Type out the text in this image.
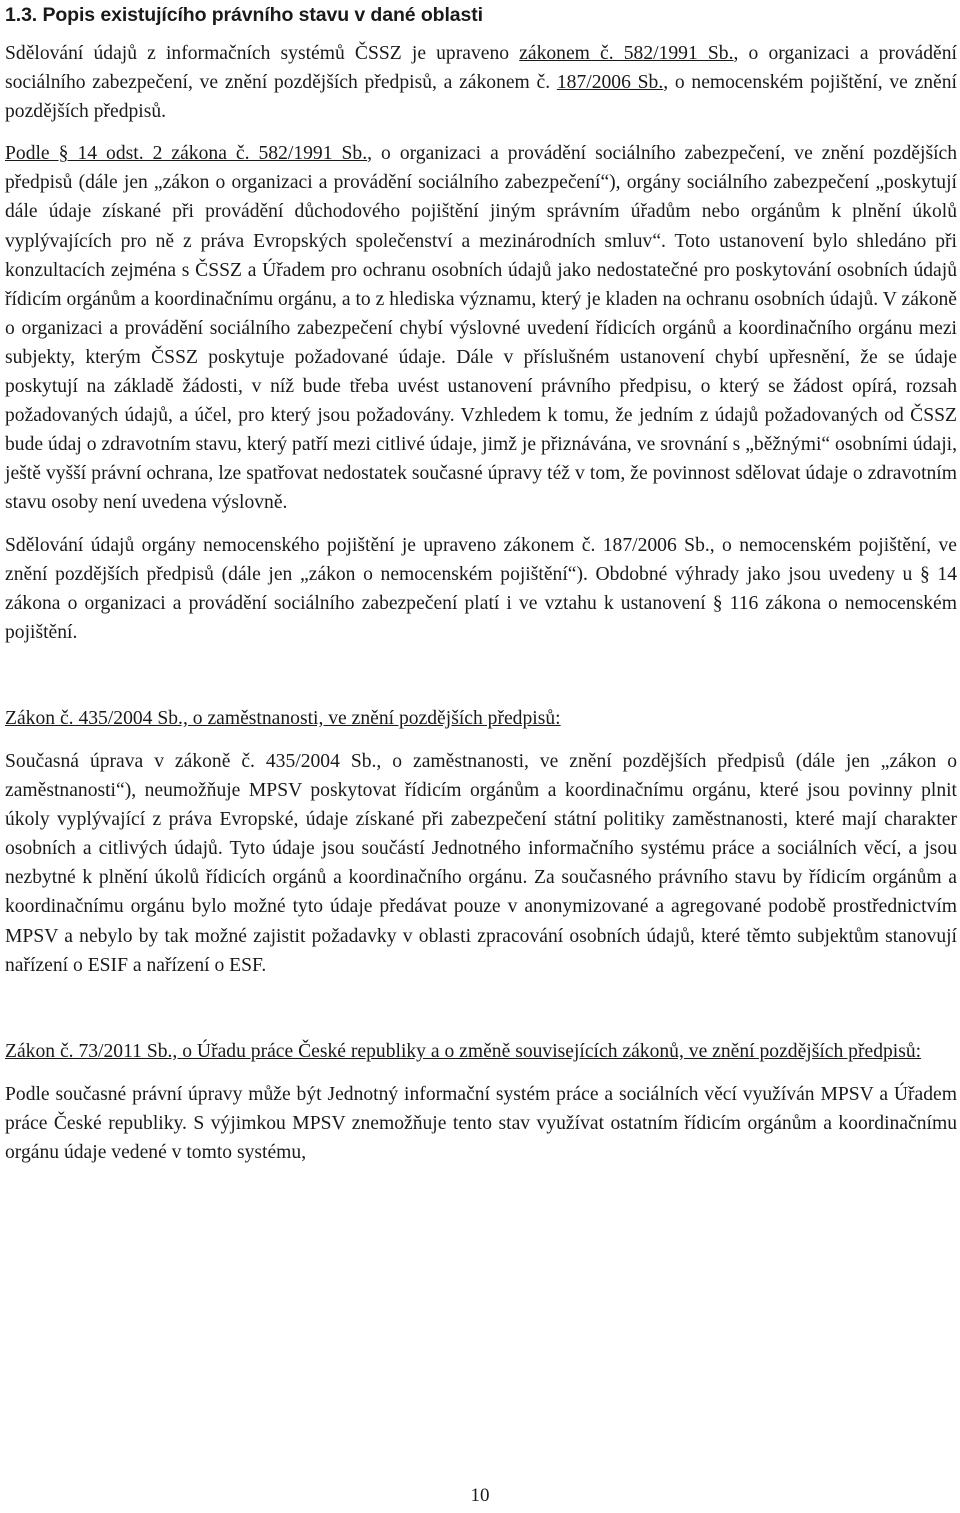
1.3. Popis existujícího právního stavu v dané oblasti

Sdělování údajů z informačních systémů ČSSZ je upraveno zákonem č. 582/1991 Sb., o organizaci a provádění sociálního zabezpečení, ve znění pozdějších předpisů, a zákonem č. 187/2006 Sb., o nemocenském pojištění, ve znění pozdějších předpisů.

Podle § 14 odst. 2 zákona č. 582/1991 Sb., o organizaci a provádění sociálního zabezpečení, ve znění pozdějších předpisů (dále jen „zákon o organizaci a provádění sociálního zabezpečení“), orgány sociálního zabezpečení „poskytují dále údaje získané při provádění důchodového pojištění jiným správním úřadům nebo orgánům k plnění úkolů vyplývajících pro ně z práva Evropských společenství a mezinárodních smluv“. Toto ustanovení bylo shledáno při konzultacích zejména s ČSSZ a Úřadem pro ochranu osobních údajů jako nedostatečné pro poskytování osobních údajů řídicím orgánům a koordinačnímu orgánu, a to z hlediska významu, který je kladen na ochranu osobních údajů. V zákoně o organizaci a provádění sociálního zabezpečení chybí výslovné uvedení řídicích orgánů a koordinačního orgánu mezi subjekty, kterým ČSSZ poskytuje požadované údaje. Dále v příslušném ustanovení chybí upřesnění, že se údaje poskytují na základě žádosti, v níž bude třeba uvést ustanovení právního předpisu, o který se žádost opírá, rozsah požadovaných údajů, a účel, pro který jsou požadovány. Vzhledem k tomu, že jedním z údajů požadovaných od ČSSZ bude údaj o zdravotním stavu, který patří mezi citlivé údaje, jimž je přiznávána, ve srovnání s „běžnými“ osobními údaji, ještě vyšší právní ochrana, lze spatřovat nedostatek současné úpravy též v tom, že povinnost sdělovat údaje o zdravotním stavu osoby není uvedena výslovně.

Sdělování údajů orgány nemocenského pojištění je upraveno zákonem č. 187/2006 Sb., o nemocenském pojištění, ve znění pozdějších předpisů (dále jen „zákon o nemocenském pojištění“). Obdobné výhrady jako jsou uvedeny u § 14 zákona o organizaci a provádění sociálního zabezpečení platí i ve vztahu k ustanovení § 116 zákona o nemocenském pojištění.

Zákon č. 435/2004 Sb., o zaměstnanosti, ve znění pozdějších předpisů:

Současná úprava v zákoně č. 435/2004 Sb., o zaměstnanosti, ve znění pozdějších předpisů (dále jen „zákon o zaměstnanosti“), neumožňuje MPSV poskytovat řídicím orgánům a koordinačnímu orgánu, které jsou povinny plnit úkoly vyplývající z práva Evropské, údaje získané při zabezpečení státní politiky zaměstnanosti, které mají charakter osobních a citlivých údajů. Tyto údaje jsou součástí Jednotného informačního systému práce a sociálních věcí, a jsou nezbytné k plnění úkolů řídicích orgánů a koordinačního orgánu. Za současného právního stavu by řídicím orgánům a koordinačnímu orgánu bylo možné tyto údaje předávat pouze v anonymizované a agregované podobě prostřednictvím MPSV a nebylo by tak možné zajistit požadavky v oblasti zpracování osobních údajů, které těmto subjektům stanovují nařízení o ESIF a nařízení o ESF.

Zákon č. 73/2011 Sb., o Úřadu práce České republiky a o změně souvisejících zákonů, ve znění pozdějších předpisů:

Podle současné právní úpravy může být Jednotný informační systém práce a sociálních věcí využíván MPSV a Úřadem práce České republiky. S výjimkou MPSV znemožňuje tento stav využívat ostatním řídicím orgánům a koordinačnímu orgánu údaje vedené v tomto systému,

10
